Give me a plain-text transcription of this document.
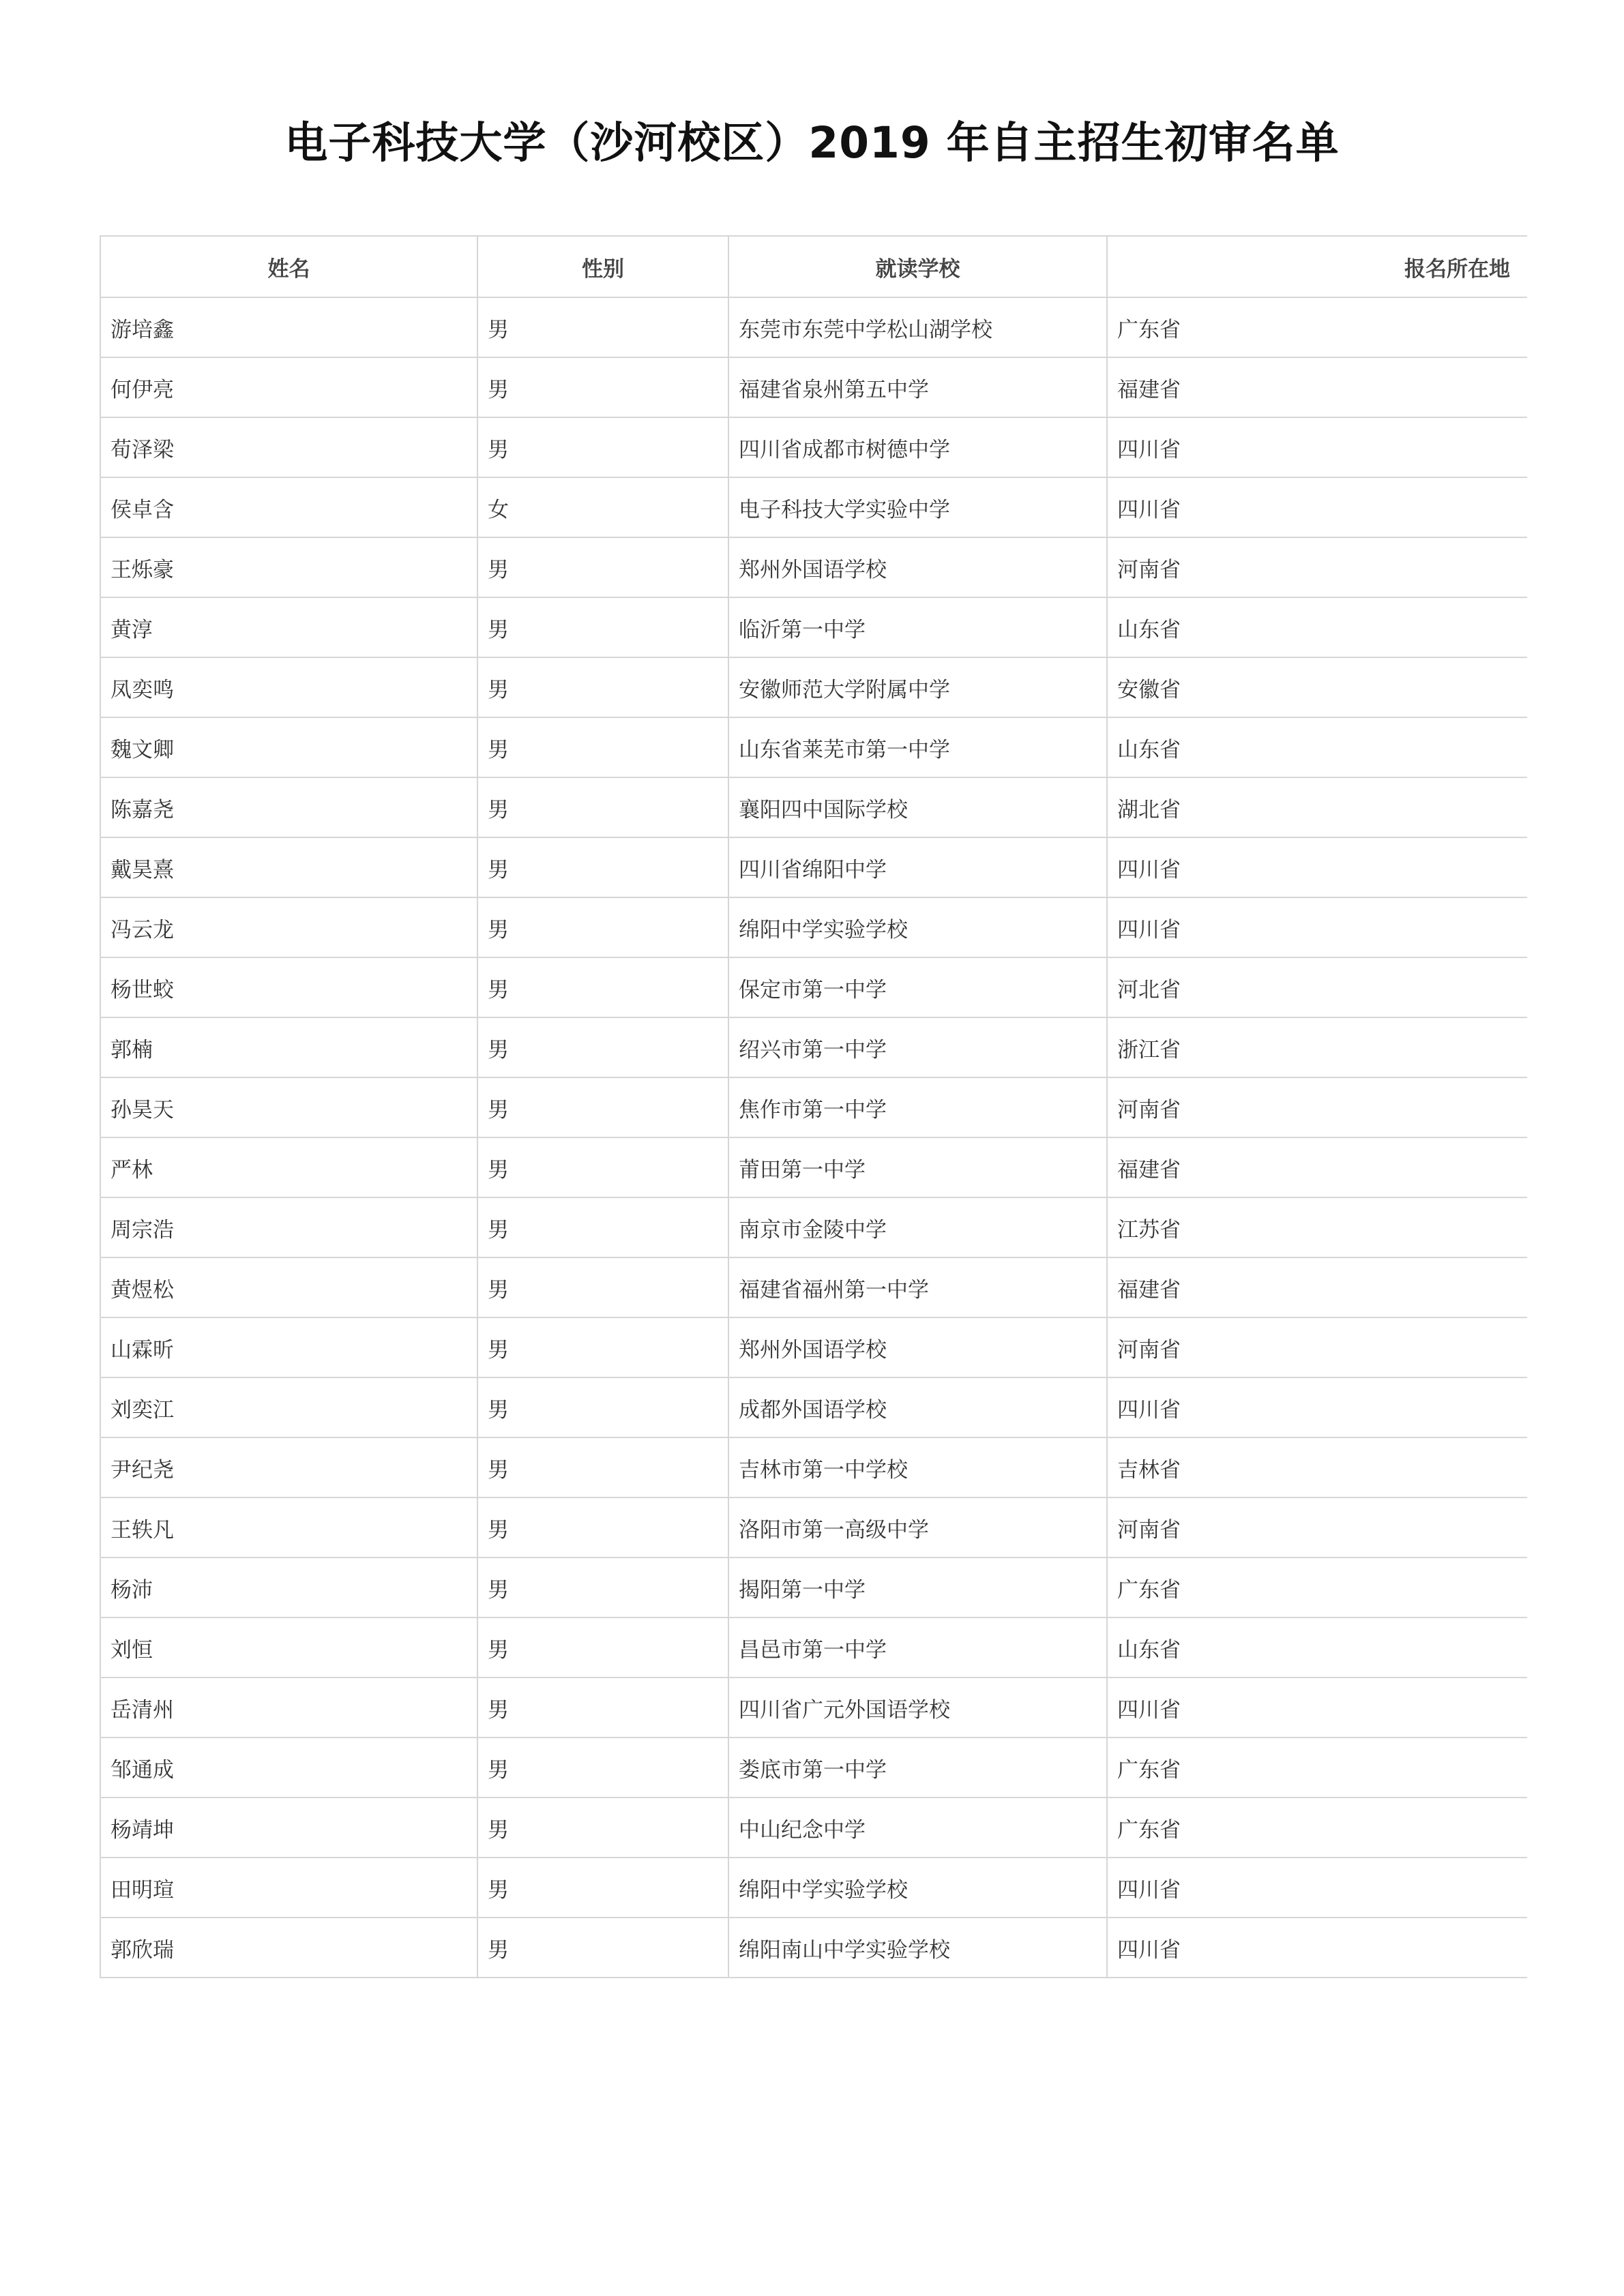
电子科技大学（沙河校区）2019 年自主招生初审名单
姓名	性别	就读学校	报名所在地
游培鑫	男	东莞市东莞中学松山湖学校	广东省
何伊亮	男	福建省泉州第五中学	福建省
荀泽梁	男	四川省成都市树德中学	四川省
侯卓含	女	电子科技大学实验中学	四川省
王烁豪	男	郑州外国语学校	河南省
黄淳	男	临沂第一中学	山东省
凤奕鸣	男	安徽师范大学附属中学	安徽省
魏文卿	男	山东省莱芜市第一中学	山东省
陈嘉尧	男	襄阳四中国际学校	湖北省
戴昊熹	男	四川省绵阳中学	四川省
冯云龙	男	绵阳中学实验学校	四川省
杨世蛟	男	保定市第一中学	河北省
郭楠	男	绍兴市第一中学	浙江省
孙昊天	男	焦作市第一中学	河南省
严林	男	莆田第一中学	福建省
周宗浩	男	南京市金陵中学	江苏省
黄煜松	男	福建省福州第一中学	福建省
山霖昕	男	郑州外国语学校	河南省
刘奕江	男	成都外国语学校	四川省
尹纪尧	男	吉林市第一中学校	吉林省
王轶凡	男	洛阳市第一高级中学	河南省
杨沛	男	揭阳第一中学	广东省
刘恒	男	昌邑市第一中学	山东省
岳清州	男	四川省广元外国语学校	四川省
邹通成	男	娄底市第一中学	广东省
杨靖坤	男	中山纪念中学	广东省
田明瑄	男	绵阳中学实验学校	四川省
郭欣瑞	男	绵阳南山中学实验学校	四川省
